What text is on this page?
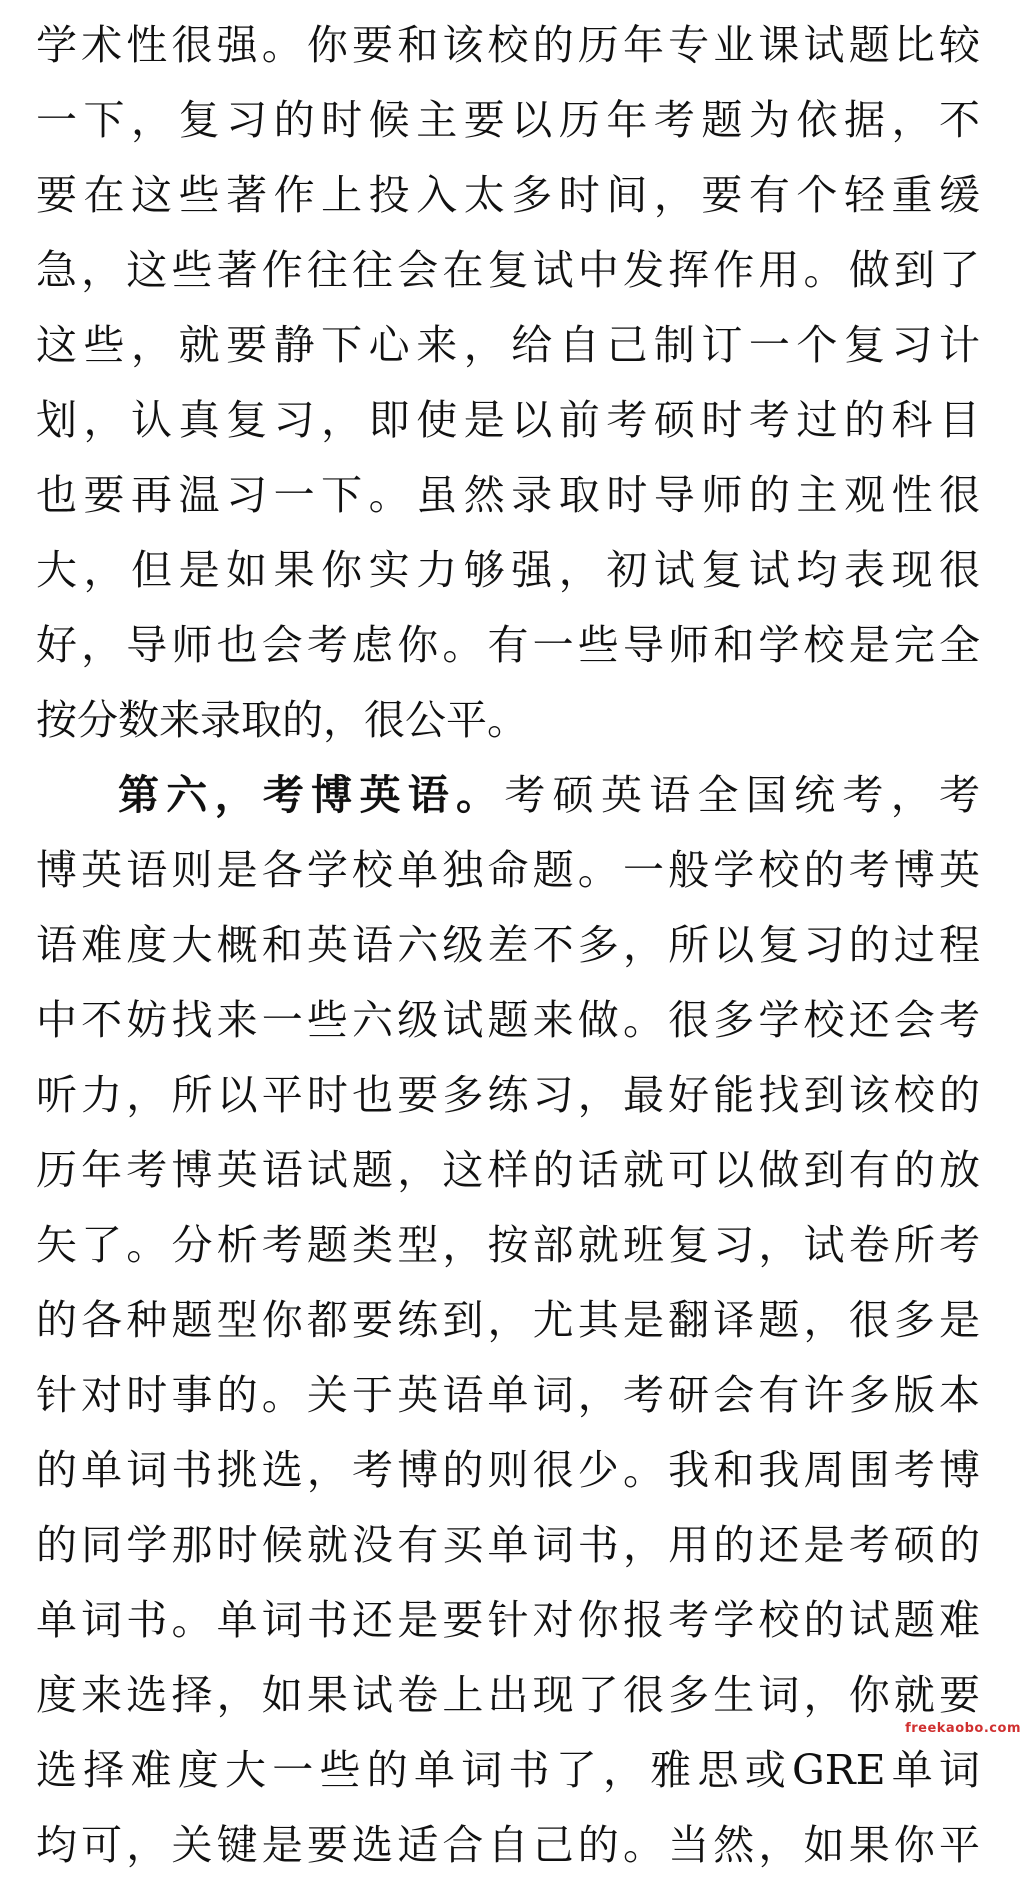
学术性很强。你要和该校的历年专业课试题比较
一下，复习的时候主要以历年考题为依据，不
要在这些著作上投入太多时间，要有个轻重缓
急，这些著作往往会在复试中发挥作用。做到了
这些，就要静下心来，给自己制订一个复习计
划，认真复习，即使是以前考硕时考过的科目
也要再温习一下。虽然录取时导师的主观性很
大，但是如果你实力够强，初试复试均表现很
好，导师也会考虑你。有一些导师和学校是完全
按分数来录取的，很公平。
第六，考博英语。考硕英语全国统考，考
博英语则是各学校单独命题。一般学校的考博英
语难度大概和英语六级差不多，所以复习的过程
中不妨找来一些六级试题来做。很多学校还会考
听力，所以平时也要多练习，最好能找到该校的
历年考博英语试题，这样的话就可以做到有的放
矢了。分析考题类型，按部就班复习，试卷所考
的各种题型你都要练到，尤其是翻译题，很多是
针对时事的。关于英语单词，考研会有许多版本
的单词书挑选，考博的则很少。我和我周围考博
的同学那时候就没有买单词书，用的还是考硕的
单词书。单词书还是要针对你报考学校的试题难
度来选择，如果试卷上出现了很多生词，你就要
选择难度大一些的单词书了，雅思或GRE单词
均可，关键是要选适合自己的。当然，如果你平
freekaobo.com
